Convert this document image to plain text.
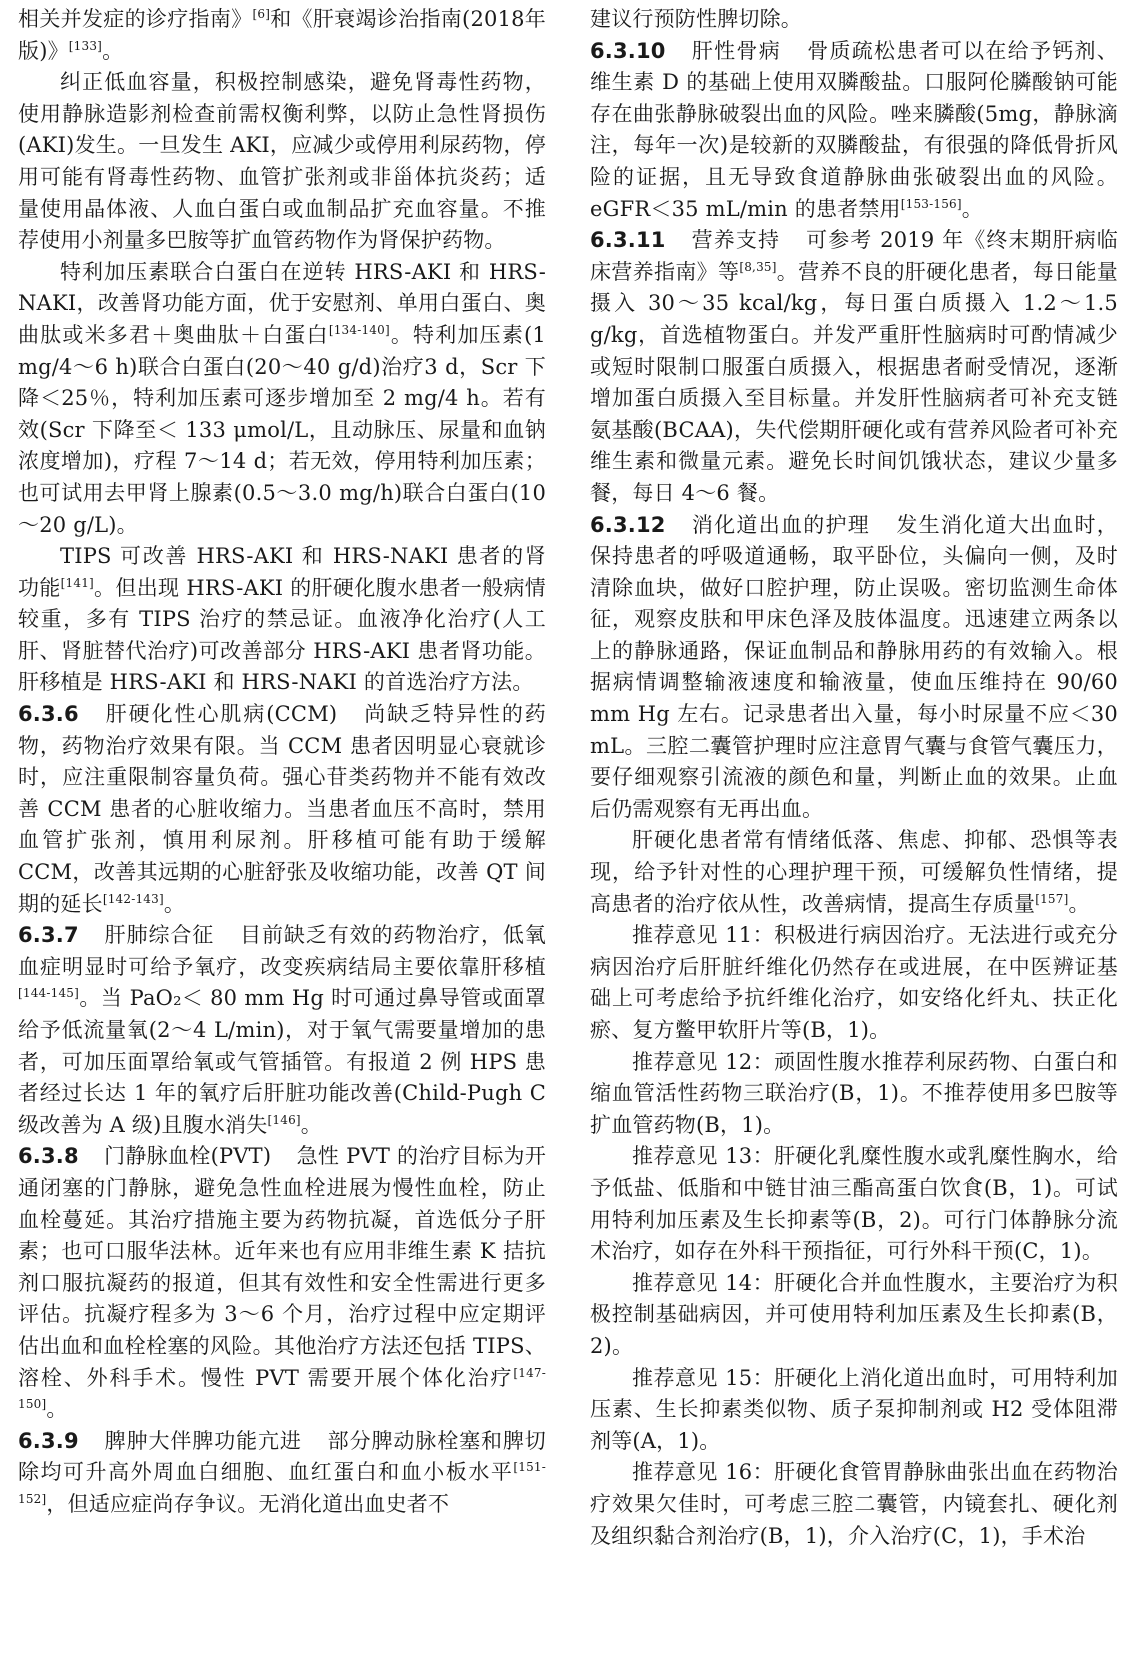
相关并发症的诊疗指南》[6]和《肝衰竭诊治指南(2018年版)》[133]。

纠正低血容量，积极控制感染，避免肾毒性药物，使用静脉造影剂检查前需权衡利弊，以防止急性肾损伤(AKI)发生。一旦发生 AKI，应减少或停用利尿药物，停用可能有肾毒性药物、血管扩张剂或非甾体抗炎药；适量使用晶体液、人血白蛋白或血制品扩充血容量。不推荐使用小剂量多巴胺等扩血管药物作为肾保护药物。

特利加压素联合白蛋白在逆转 HRS-AKI 和 HRS-NAKI，改善肾功能方面，优于安慰剂、单用白蛋白、奥曲肽或米多君＋奥曲肽＋白蛋白[134-140]。特利加压素(1 mg/4～6 h)联合白蛋白(20～40 g/d)治疗3 d，Scr 下降＜25％，特利加压素可逐步增加至 2 mg/4 h。若有效(Scr 下降至＜ 133 μmol/L，且动脉压、尿量和血钠浓度增加)，疗程 7～14 d；若无效，停用特利加压素；也可试用去甲肾上腺素(0.5～3.0 mg/h)联合白蛋白(10～20 g/L)。

TIPS 可改善 HRS-AKI 和 HRS-NAKI 患者的肾功能[141]。但出现 HRS-AKI 的肝硬化腹水患者一般病情较重，多有 TIPS 治疗的禁忌证。血液净化治疗(人工肝、肾脏替代治疗)可改善部分 HRS-AKI 患者肾功能。肝移植是 HRS-AKI 和 HRS-NAKI 的首选治疗方法。

6.3.6 肝硬化性心肌病(CCM) 尚缺乏特异性的药物，药物治疗效果有限。当 CCM 患者因明显心衰就诊时，应注重限制容量负荷。强心苷类药物并不能有效改善 CCM 患者的心脏收缩力。当患者血压不高时，禁用血管扩张剂，慎用利尿剂。肝移植可能有助于缓解 CCM，改善其远期的心脏舒张及收缩功能，改善 QT 间期的延长[142-143]。

6.3.7 肝肺综合征 目前缺乏有效的药物治疗，低氧血症明显时可给予氧疗，改变疾病结局主要依靠肝移植[144-145]。当 PaO₂＜ 80 mm Hg 时可通过鼻导管或面罩给予低流量氧(2～4 L/min)，对于氧气需要量增加的患者，可加压面罩给氧或气管插管。有报道 2 例 HPS 患者经过长达 1 年的氧疗后肝脏功能改善(Child-Pugh C 级改善为 A 级)且腹水消失[146]。

6.3.8 门静脉血栓(PVT) 急性 PVT 的治疗目标为开通闭塞的门静脉，避免急性血栓进展为慢性血栓，防止血栓蔓延。其治疗措施主要为药物抗凝，首选低分子肝素；也可口服华法林。近年来也有应用非维生素 K 拮抗剂口服抗凝药的报道，但其有效性和安全性需进行更多评估。抗凝疗程多为 3～6 个月，治疗过程中应定期评估出血和血栓栓塞的风险。其他治疗方法还包括 TIPS、溶栓、外科手术。慢性 PVT 需要开展个体化治疗[147-150]。

6.3.9 脾肿大伴脾功能亢进 部分脾动脉栓塞和脾切除均可升高外周血白细胞、血红蛋白和血小板水平[151-152]，但适应症尚存争议。无消化道出血史者不

建议行预防性脾切除。

6.3.10 肝性骨病 骨质疏松患者可以在给予钙剂、维生素 D 的基础上使用双膦酸盐。口服阿伦膦酸钠可能存在曲张静脉破裂出血的风险。唑来膦酸(5mg，静脉滴注，每年一次)是较新的双膦酸盐，有很强的降低骨折风险的证据，且无导致食道静脉曲张破裂出血的风险。eGFR＜35 mL/min 的患者禁用[153-156]。

6.3.11 营养支持 可参考 2019 年《终末期肝病临床营养指南》等[8,35]。营养不良的肝硬化患者，每日能量摄入 30～35 kcal/kg，每日蛋白质摄入 1.2～1.5 g/kg，首选植物蛋白。并发严重肝性脑病时可酌情减少或短时限制口服蛋白质摄入，根据患者耐受情况，逐渐增加蛋白质摄入至目标量。并发肝性脑病者可补充支链氨基酸(BCAA)，失代偿期肝硬化或有营养风险者可补充维生素和微量元素。避免长时间饥饿状态，建议少量多餐，每日 4～6 餐。

6.3.12 消化道出血的护理 发生消化道大出血时，保持患者的呼吸道通畅，取平卧位，头偏向一侧，及时清除血块，做好口腔护理，防止误吸。密切监测生命体征，观察皮肤和甲床色泽及肢体温度。迅速建立两条以上的静脉通路，保证血制品和静脉用药的有效输入。根据病情调整输液速度和输液量，使血压维持在 90/60 mm Hg 左右。记录患者出入量，每小时尿量不应＜30 mL。三腔二囊管护理时应注意胃气囊与食管气囊压力，要仔细观察引流液的颜色和量，判断止血的效果。止血后仍需观察有无再出血。

肝硬化患者常有情绪低落、焦虑、抑郁、恐惧等表现，给予针对性的心理护理干预，可缓解负性情绪，提高患者的治疗依从性，改善病情，提高生存质量[157]。

推荐意见 11：积极进行病因治疗。无法进行或充分病因治疗后肝脏纤维化仍然存在或进展，在中医辨证基础上可考虑给予抗纤维化治疗，如安络化纤丸、扶正化瘀、复方鳖甲软肝片等(B，1)。

推荐意见 12：顽固性腹水推荐利尿药物、白蛋白和缩血管活性药物三联治疗(B，1)。不推荐使用多巴胺等扩血管药物(B，1)。

推荐意见 13：肝硬化乳糜性腹水或乳糜性胸水，给予低盐、低脂和中链甘油三酯高蛋白饮食(B，1)。可试用特利加压素及生长抑素等(B，2)。可行门体静脉分流术治疗，如存在外科干预指征，可行外科干预(C，1)。

推荐意见 14：肝硬化合并血性腹水，主要治疗为积极控制基础病因，并可使用特利加压素及生长抑素(B，2)。

推荐意见 15：肝硬化上消化道出血时，可用特利加压素、生长抑素类似物、质子泵抑制剂或 H2 受体阻滞剂等(A，1)。

推荐意见 16：肝硬化食管胃静脉曲张出血在药物治疗效果欠佳时，可考虑三腔二囊管，内镜套扎、硬化剂及组织黏合剂治疗(B，1)，介入治疗(C，1)，手术治
